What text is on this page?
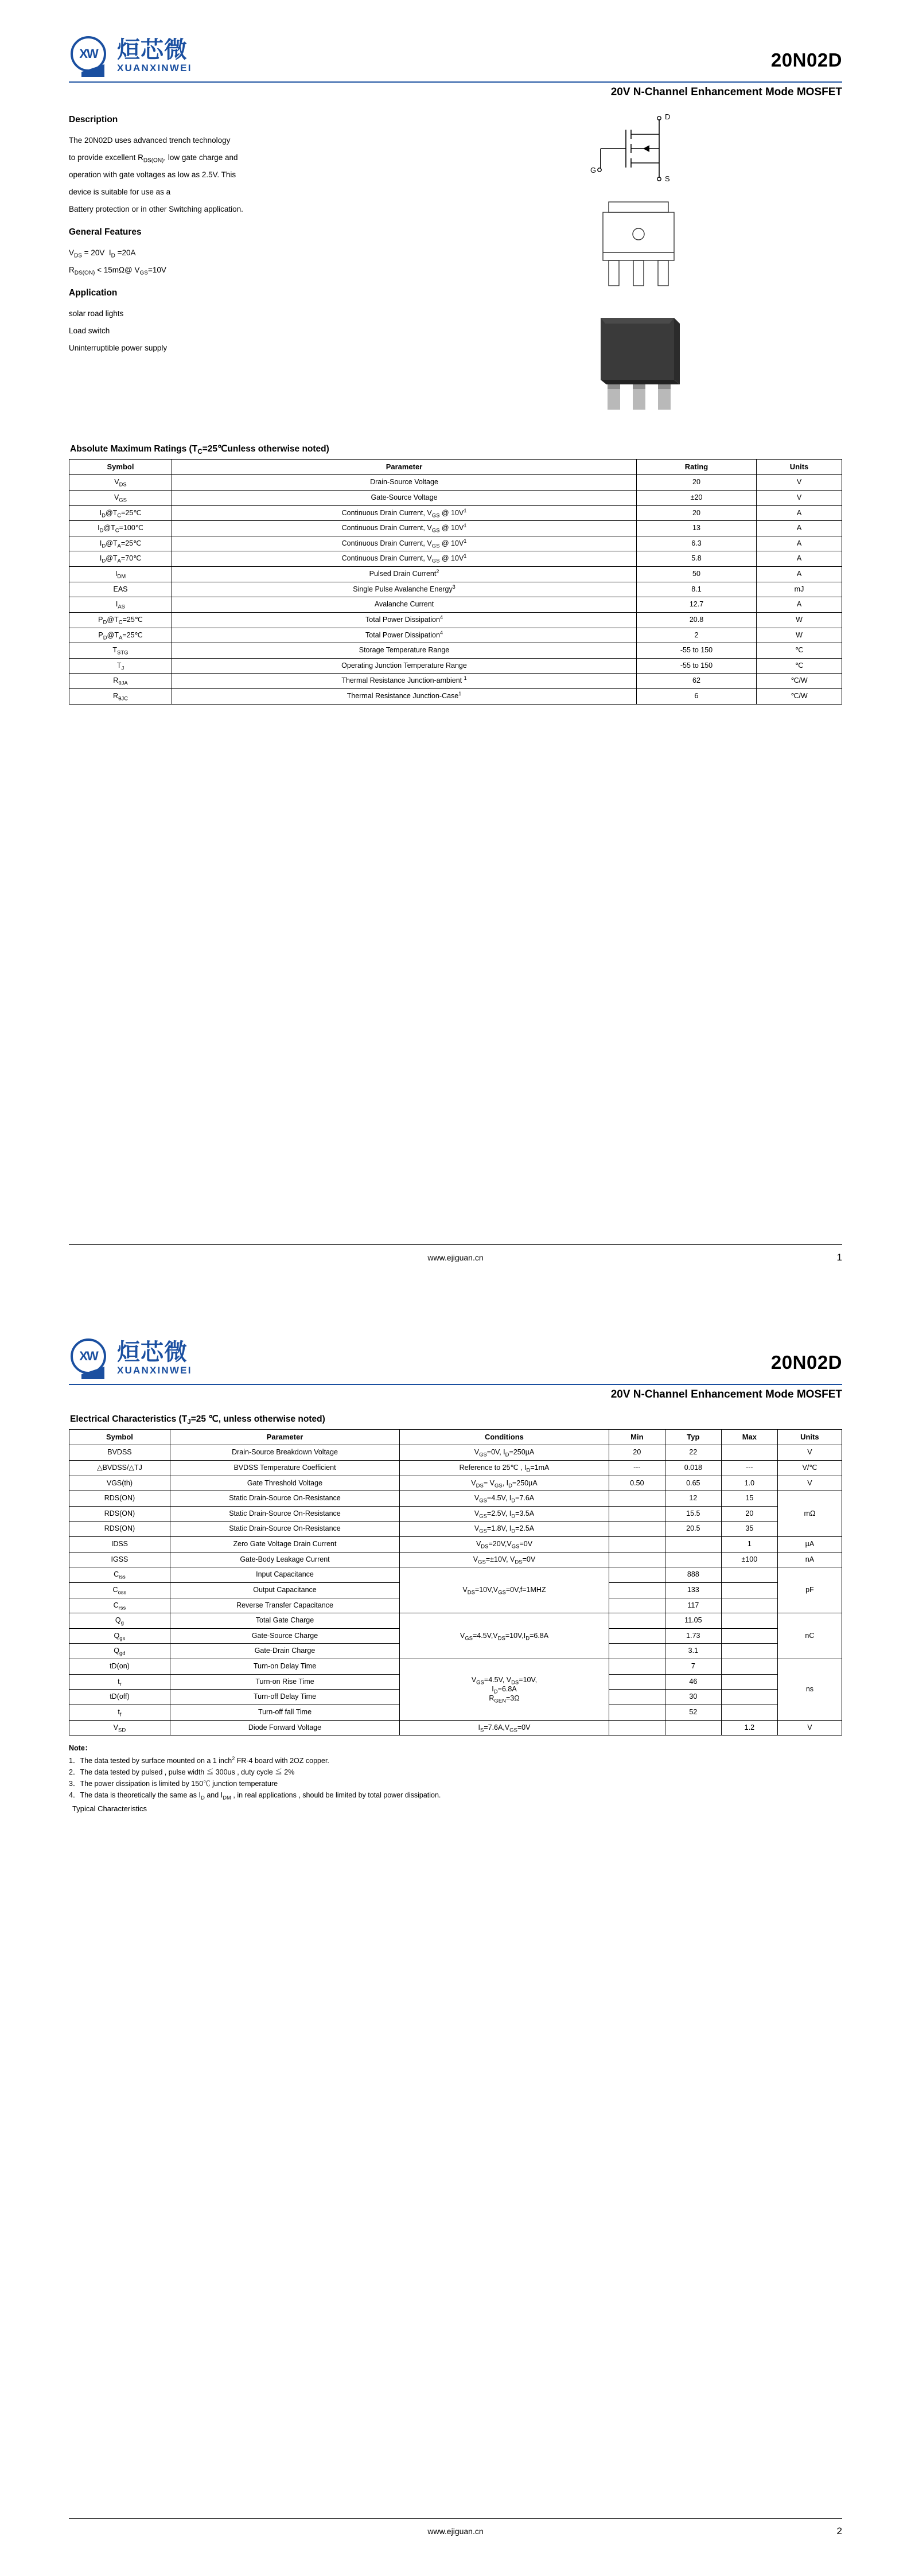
XW 烜芯微
XUANXINWEI	20N02D
20V N-Channel Enhancement Mode MOSFET
Description
The 20N02D uses advanced trench technology
to provide excellent $R_{DS(ON)}$, low gate charge and
operation with gate voltages as low as 2.5V. This
device is suitable for use as a
Battery protection or in other Switching application.
General Features
$V_{DS} = 20V$  $I_D =20A$
$R_{DS(ON)}$ < 15mΩ@ $V_{GS}=10V$
Application
solar road lights
Load switch
Uninterruptible power supply
D
S
G
Absolute Maximum Ratings ($T_C=25℃unless$ otherwise noted)
Symbol	Parameter	Rating	Units
$V_{DS}$	Drain-Source Voltage	20	V
$V_{GS}$	Gate-Source Voltage	±20	V
$I_D@T_C=25℃$	Continuous Drain Current, $V_{GS}$ @ $10V^1$	20	A
$I_D@T_C=100℃$	Continuous Drain Current, $V_{GS}$ @ $10V^1$	13	A
$I_D@T_A=25℃$	Continuous Drain Current, $V_{GS}$ @ $10V^1$	6.3	A
$I_D@T_A=70℃$	Continuous Drain Current, $V_{GS}$ @ $10V^1$	5.8	A
$I_{DM}$	Pulsed Drain Current$^2$	50	A
EAS	Single Pulse Avalanche Energy$^3$	8.1	mJ
$I_{AS}$	Avalanche Current	12.7	A
$P_D@T_C=25℃$	Total Power Dissipation$^4$	20.8	W
$P_D@T_A=25℃$	Total Power Dissipation$^4$	2	W
$T_{STG}$	Storage Temperature Range	-55 to 150	℃
$T_J$	Operating Junction Temperature Range	-55 to 150	℃
$R_{\theta JA}$	Thermal Resistance Junction-ambient $^1$	62	℃/W
$R_{\theta JC}$	Thermal Resistance Junction-Case$^1$	6	℃/W
www.ejiguan.cn	1
XW 烜芯微
XUANXINWEI	20N02D
20V N-Channel Enhancement Mode MOSFET
Electrical Characteristics ($T_J=25$ ℃, unless otherwise noted)
Symbol	Parameter	Conditions	Min	Typ	Max	Units
BVDSS	Drain-Source Breakdown Voltage	$V_{GS}=0V$, $I_D=250\mu A$	20	22		V
△BVDSS/△TJ	BVDSS Temperature Coefficient	Reference to 25℃ , $I_D=1mA$	---	0.018	---	V/℃
VGS(th)	Gate Threshold Voltage	$V_{DS}= V_{GS}$, $I_D=250\mu A$	0.50	0.65	1.0	V
RDS(ON)	Static Drain-Source On-Resistance	$V_{GS}=4.5V$, $I_D=7.6A$		12	15	mΩ
RDS(ON)	Static Drain-Source On-Resistance	$V_{GS}=2.5V$, $I_D=3.5A$		15.5	20	
RDS(ON)	Static Drain-Source On-Resistance	$V_{GS}=1.8V$, $I_D=2.5A$		20.5	35	
IDSS	Zero Gate Voltage Drain Current	$V_{DS}=20V,V_{GS}=0V$			1	µA
IGSS	Gate-Body Leakage Current	$V_{GS}=\pm 10V$, $V_{DS}=0V$			±100	nA
$C_{iss}$	Input Capacitance	$V_{DS}=10V,V_{GS}=0V,f=1MHZ$		888		pF
$C_{oss}$	Output Capacitance			133		
$C_{rss}$	Reverse Transfer Capacitance			117		
$Q_g$	Total Gate Charge	$V_{GS}=4.5V,V_{DS}=10V,I_D=6.8A$		11.05		nC
$Q_{gs}$	Gate-Source Charge			1.73		
$Q_{gd}$	Gate-Drain Charge			3.1		
tD(on)	Turn-on Delay Time	$V_{GS}=4.5V$, $V_{DS}=10V$,
$I_D=6.8A$
$R_{GEN}=3\Omega$		7		ns
$t_r$	Turn-on Rise Time			46		
tD(off)	Turn-off Delay Time			30		
$t_f$	Turn-off fall Time			52		
$V_{SD}$	Diode Forward Voltage	$I_S=7.6A,V_{GS}=0V$			1.2	V
Note：
1．The data tested by surface mounted on a 1 inch$^2$ FR-4 board with 2OZ copper.
2．The data tested by pulsed , pulse width ≦ 300us , duty cycle ≦ 2%
3．The power dissipation is limited by 150℃ junction temperature
4．The data is theoretically the same as $I_D$ and $I_{DM}$ , in real applications , should be limited by total power dissipation.
Typical Characteristics
www.ejiguan.cn	2
